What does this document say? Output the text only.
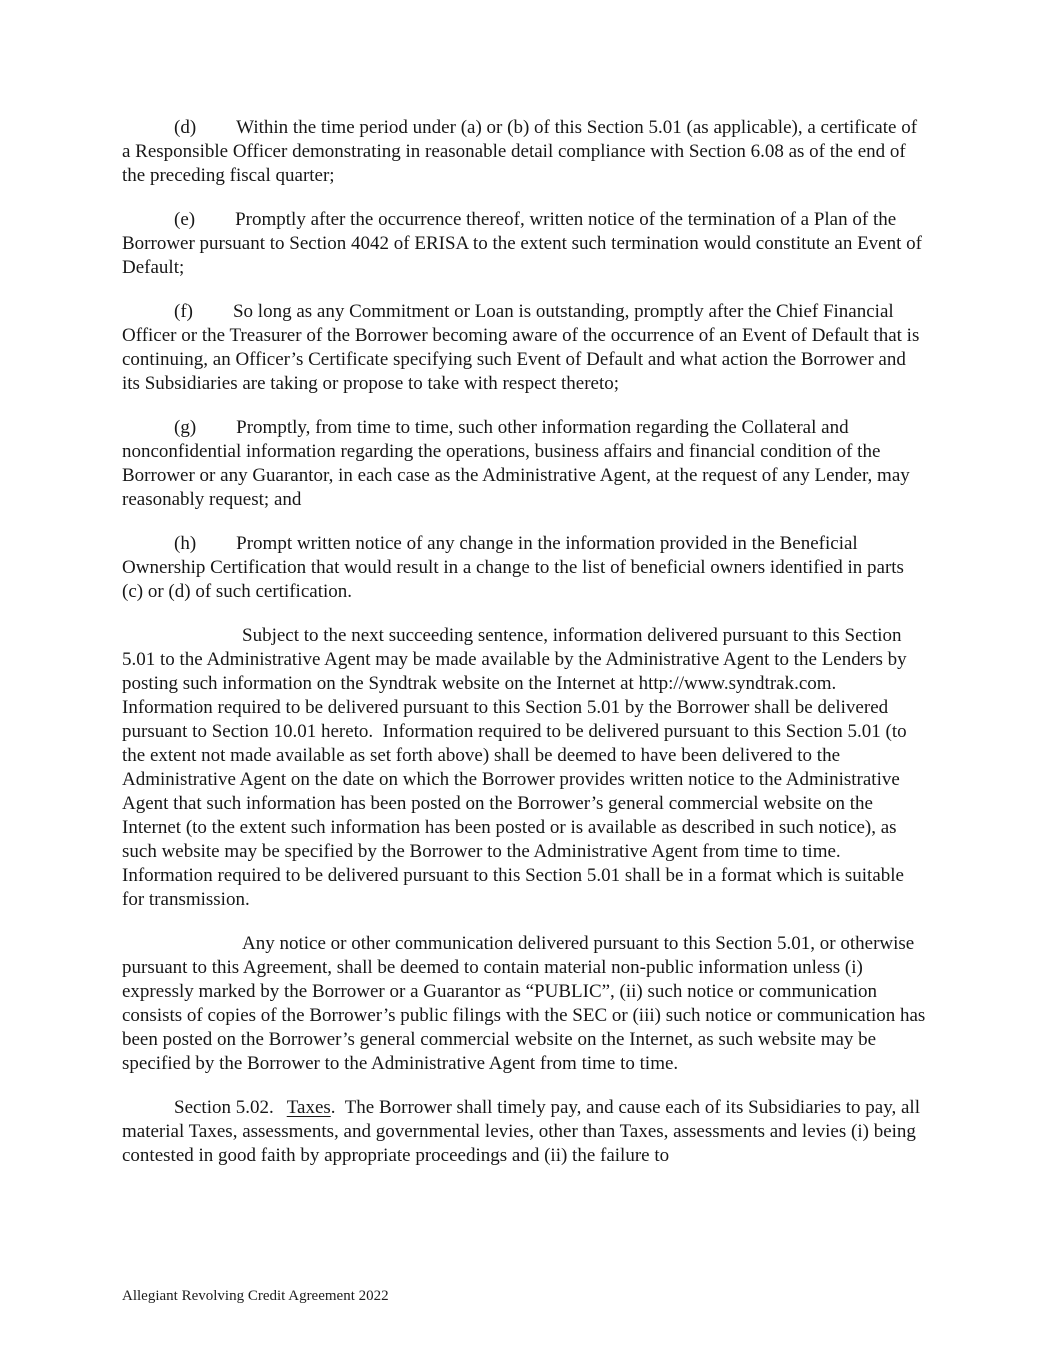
(d) Within the time period under (a) or (b) of this Section 5.01 (as applicable), a certificate of a Responsible Officer demonstrating in reasonable detail compliance with Section 6.08 as of the end of the preceding fiscal quarter;

(e) Promptly after the occurrence thereof, written notice of the termination of a Plan of the Borrower pursuant to Section 4042 of ERISA to the extent such termination would constitute an Event of Default;

(f) So long as any Commitment or Loan is outstanding, promptly after the Chief Financial Officer or the Treasurer of the Borrower becoming aware of the occurrence of an Event of Default that is continuing, an Officer’s Certificate specifying such Event of Default and what action the Borrower and its Subsidiaries are taking or propose to take with respect thereto;

(g) Promptly, from time to time, such other information regarding the Collateral and nonconfidential information regarding the operations, business affairs and financial condition of the Borrower or any Guarantor, in each case as the Administrative Agent, at the request of any Lender, may reasonably request; and

(h) Prompt written notice of any change in the information provided in the Beneficial Ownership Certification that would result in a change to the list of beneficial owners identified in parts (c) or (d) of such certification.

Subject to the next succeeding sentence, information delivered pursuant to this Section 5.01 to the Administrative Agent may be made available by the Administrative Agent to the Lenders by posting such information on the Syndtrak website on the Internet at http://www.syndtrak.com.  Information required to be delivered pursuant to this Section 5.01 by the Borrower shall be delivered pursuant to Section 10.01 hereto.  Information required to be delivered pursuant to this Section 5.01 (to the extent not made available as set forth above) shall be deemed to have been delivered to the Administrative Agent on the date on which the Borrower provides written notice to the Administrative Agent that such information has been posted on the Borrower’s general commercial website on the Internet (to the extent such information has been posted or is available as described in such notice), as such website may be specified by the Borrower to the Administrative Agent from time to time.  Information required to be delivered pursuant to this Section 5.01 shall be in a format which is suitable for transmission.

Any notice or other communication delivered pursuant to this Section 5.01, or otherwise pursuant to this Agreement, shall be deemed to contain material non-public information unless (i) expressly marked by the Borrower or a Guarantor as “PUBLIC”, (ii) such notice or communication consists of copies of the Borrower’s public filings with the SEC or (iii) such notice or communication has been posted on the Borrower’s general commercial website on the Internet, as such website may be specified by the Borrower to the Administrative Agent from time to time.

Section 5.02. Taxes.  The Borrower shall timely pay, and cause each of its Subsidiaries to pay, all material Taxes, assessments, and governmental levies, other than Taxes, assessments and levies (i) being contested in good faith by appropriate proceedings and (ii) the failure to

Allegiant Revolving Credit Agreement 2022
